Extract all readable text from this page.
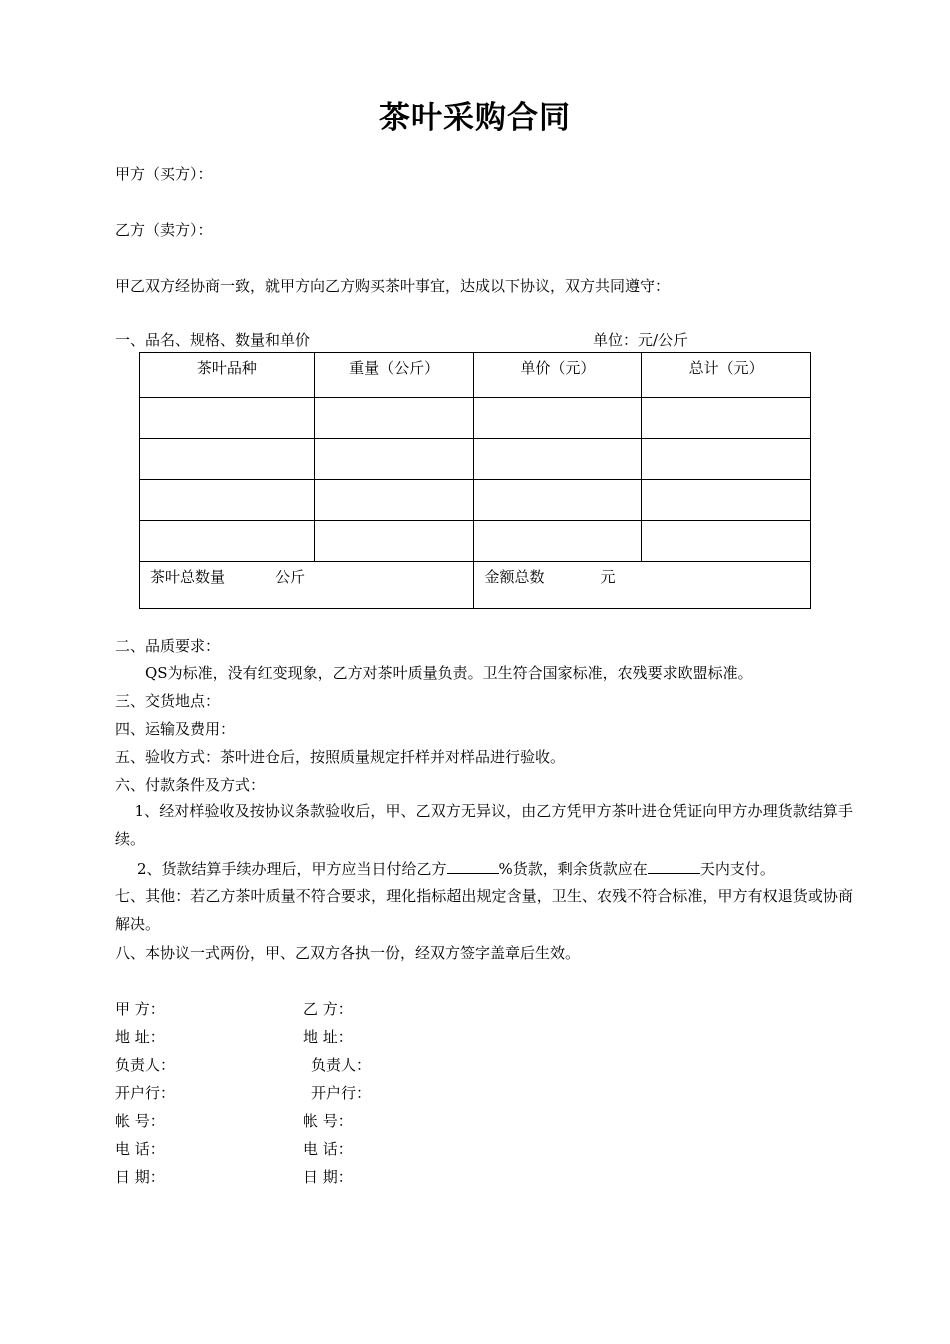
茶叶采购合同
甲方（买方）：
乙方（卖方）：
甲乙双方经协商一致，就甲方向乙方购买茶叶事宜，达成以下协议，双方共同遵守：
一、品名、规格、数量和单价	单位：元/公斤
茶叶品种	重量（公斤）	单价（元）	总计（元）

茶叶总数量 公斤		金额总数 元	
二、品质要求：
QS为标准，没有红变现象，乙方对茶叶质量负责。卫生符合国家标准，农残要求欧盟标准。
三、交货地点：
四、运输及费用：
五、验收方式：茶叶进仓后，按照质量规定扦样并对样品进行验收。
六、付款条件及方式：
1、经对样验收及按协议条款验收后，甲、乙双方无异议，由乙方凭甲方茶叶进仓凭证向甲方办理货款结算手续。
2、货款结算手续办理后，甲方应当日付给乙方	%货款，剩余货款应在	天内支付。
七、其他：若乙方茶叶质量不符合要求，理化指标超出规定含量，卫生、农残不符合标准，甲方有权退货或协商解决。
八、本协议一式两份，甲、乙双方各执一份，经双方签字盖章后生效。
甲 方：
地 址：
负责人：
开户行：
帐 号：
电 话：
日 期：
乙 方：
地 址：
负责人：
开户行：
帐 号：
电 话：
日 期：
